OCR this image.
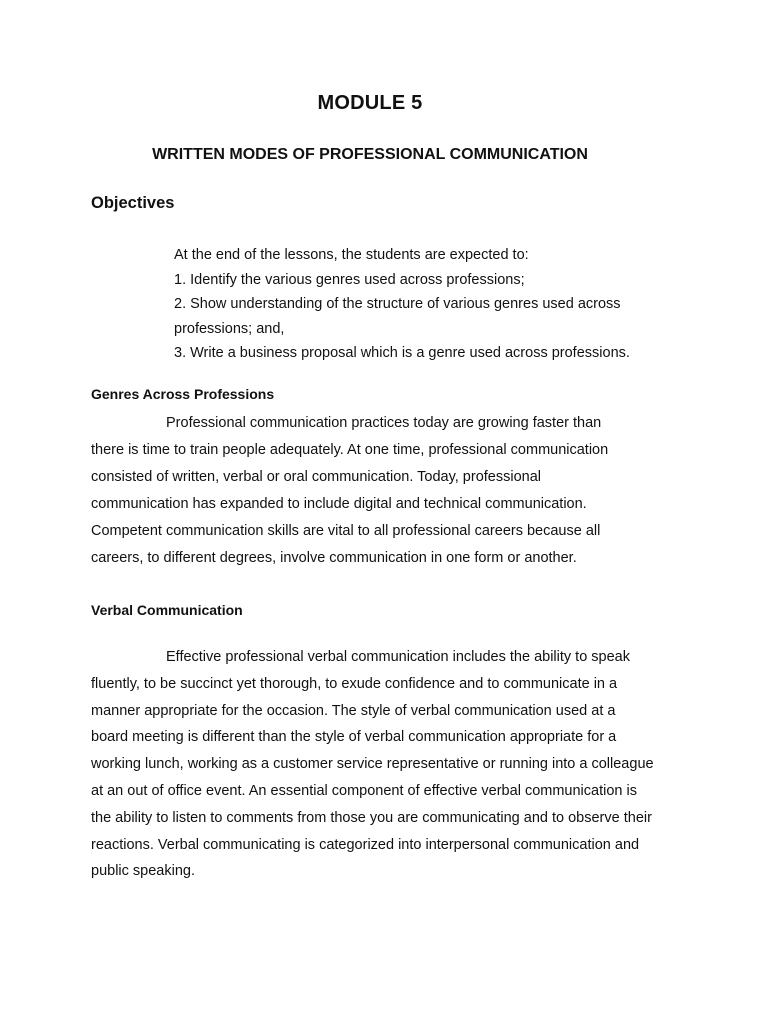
MODULE 5
WRITTEN MODES OF PROFESSIONAL COMMUNICATION
Objectives
At the end of the lessons, the students are expected to:
1. Identify the various genres used across professions;
2. Show understanding of the structure of various genres used across
professions; and,
3. Write a business proposal which is a genre used across professions.
Genres Across Professions
Professional communication practices today are growing faster than
there is time to train people adequately. At one time, professional communication
consisted of written, verbal or oral communication. Today, professional
communication has expanded to include digital and technical communication.
Competent communication skills are vital to all professional careers because all
careers, to different degrees, involve communication in one form or another.
Verbal Communication
Effective professional verbal communication includes the ability to speak
fluently, to be succinct yet thorough, to exude confidence and to communicate in a
manner appropriate for the occasion. The style of verbal communication used at a
board meeting is different than the style of verbal communication appropriate for a
working lunch, working as a customer service representative or running into a colleague
at an out of office event. An essential component of effective verbal communication is
the ability to listen to comments from those you are communicating and to observe their
reactions. Verbal communicating is categorized into interpersonal communication and
public speaking.
